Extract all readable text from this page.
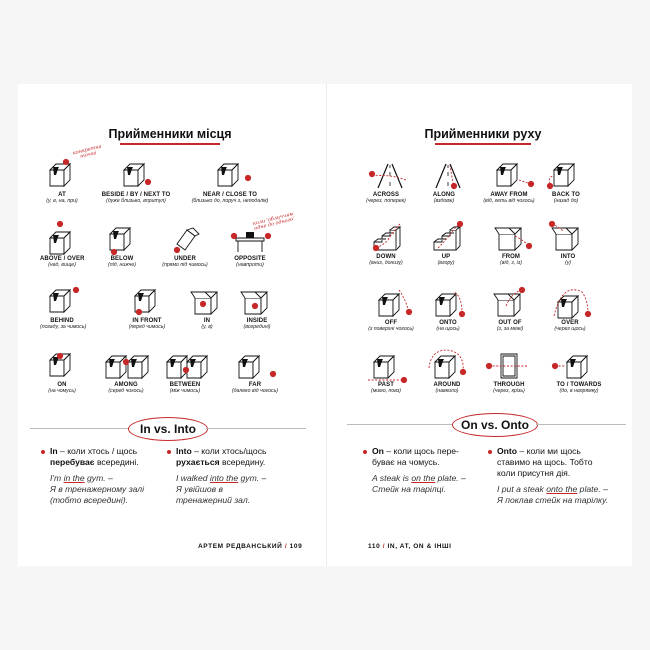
Прийменники місця
AT
(у, в, на, при)
BESIDE / BY / NEXT TO
(дуже близько, впритул)
NEAR / CLOSE TO
(близько до, поруч з, неподалік)
ABOVE / OVER
(над, вище)
BELOW
(під, нижче)
UNDER
(прямо під чимось)
OPPOSITE
(навпроти)
BEHIND
(позаду, за чимось)
IN FRONT
(перед чимось)
IN
(у, в)
INSIDE
(всередині)
ON
(на чомусь)
AMONG
(серед чогось)
BETWEEN
(між чимось)
FAR
(далеко від чогось)
конкретна точка
коли 'обличчям одне до одного'
In vs. Into

In – коли хтось / щось перебуває всередині.

I'm in the gym. –
Я в тренажерному залі
(тобто всередині).

Into – коли хтось/щось рухається всередину.

I walked into the gym. –
Я увійшов в
тренажерний зал.

АРТЕМ РЕДВАНСЬКИЙ / 109
Прийменники руху
ACROSS
(через, поперек)
ALONG
(вздовж)
AWAY FROM
(від, геть від чогось)
BACK TO
(назад до)
DOWN
(вниз, донизу)
UP
(вгору)
FROM
(від, з, із)
INTO
(у)
OFF
(з поверхні чогось)
ONTO
(на щось)
OUT OF
(з, за межі)
OVER
(через щось)
PAST
(мимо, повз)
AROUND
(навколо)
THROUGH
(через, крізь)
TO / TOWARDS
(до, в напрямку)
On vs. Onto

On – коли щось пере-
буває на чомусь.

A steak is on the plate. –
Стейк на тарілці.

Onto – коли ми щось
ставимо на щось. Тобто
коли присутня дія.

I put a steak onto the plate. –
Я поклав стейк на тарілку.

110 / IN, AT, ON & ІНШІ
